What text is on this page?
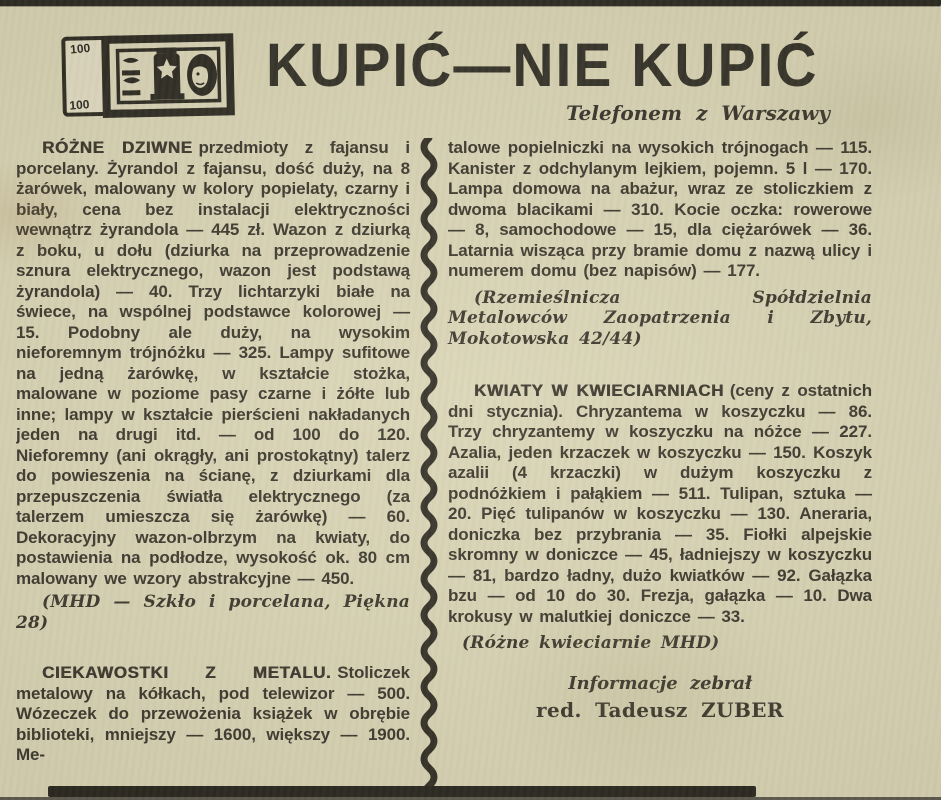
100
100
KUPIĆ—NIE KUPIĆ
Telefonem z Warszawy

RÓŻNE DZIWNE przedmioty z fajansu i porcelany. Żyrandol z fajansu, dość duży, na 8 żarówek, malowany w kolory popielaty, czarny i biały, cena bez instalacji elektryczności wewnątrz żyrandola — 445 zł. Wazon z dziurką z boku, u dołu (dziurka na przeprowadzenie sznura elektrycznego, wazon jest podstawą żyrandola) — 40. Trzy lichtarzyki białe na świece, na wspólnej podstawce kolorowej — 15. Podobny ale duży, na wysokim nieforemnym trójnóżku — 325. Lampy sufitowe na jedną żarówkę, w kształcie stożka, malowane w poziome pasy czarne i żółte lub inne; lampy w kształcie pierścieni nakładanych jeden na drugi itd. — od 100 do 120. Nieforemny (ani okrągły, ani prostokątny) talerz do powieszenia na ścianę, z dziurkami dla przepuszczenia światła elektrycznego (za talerzem umieszcza się żarówkę) — 60. Dekoracyjny wazon-olbrzym na kwiaty, do postawienia na podłodze, wysokość ok. 80 cm malowany we wzory abstrakcyjne — 450.

(MHD — Szkło i porcelana, Piękna 28)

CIEKAWOSTKI Z METALU. Stoliczek metalowy na kółkach, pod telewizor — 500. Wózeczek do przewożenia książek w obrębie biblioteki, mniejszy — 1600, większy — 1900. Me-

talowe popielniczki na wysokich trójnogach — 115. Kanister z odchylanym lejkiem, pojemn. 5 l — 170. Lampa domowa na abażur, wraz ze stoliczkiem z dwoma blacikami — 310. Kocie oczka: rowerowe — 8, samochodowe — 15, dla ciężarówek — 36. Latarnia wisząca przy bramie domu z nazwą ulicy i numerem domu (bez napisów) — 177.

(Rzemieślnicza Spółdzielnia Metalowców Zaopatrzenia i Zbytu, Mokotowska 42/44)

KWIATY W KWIECIARNIACH (ceny z ostatnich dni stycznia). Chryzantema w koszyczku — 86. Trzy chryzantemy w koszyczku na nóżce — 227. Azalia, jeden krzaczek w koszyczku — 150. Koszyk azalii (4 krzaczki) w dużym koszyczku z podnóżkiem i pałąkiem — 511. Tulipan, sztuka — 20. Pięć tulipanów w koszyczku — 130. Aneraria, doniczka bez przybrania — 35. Fiołki alpejskie skromny w doniczce — 45, ładniejszy w koszyczku — 81, bardzo ładny, dużo kwiatków — 92. Gałązka bzu — od 10 do 30. Frezja, gałązka — 10. Dwa krokusy w malutkiej doniczce — 33.

(Różne kwieciarnie MHD)

Informacje zebrał

red. Tadeusz ZUBER
